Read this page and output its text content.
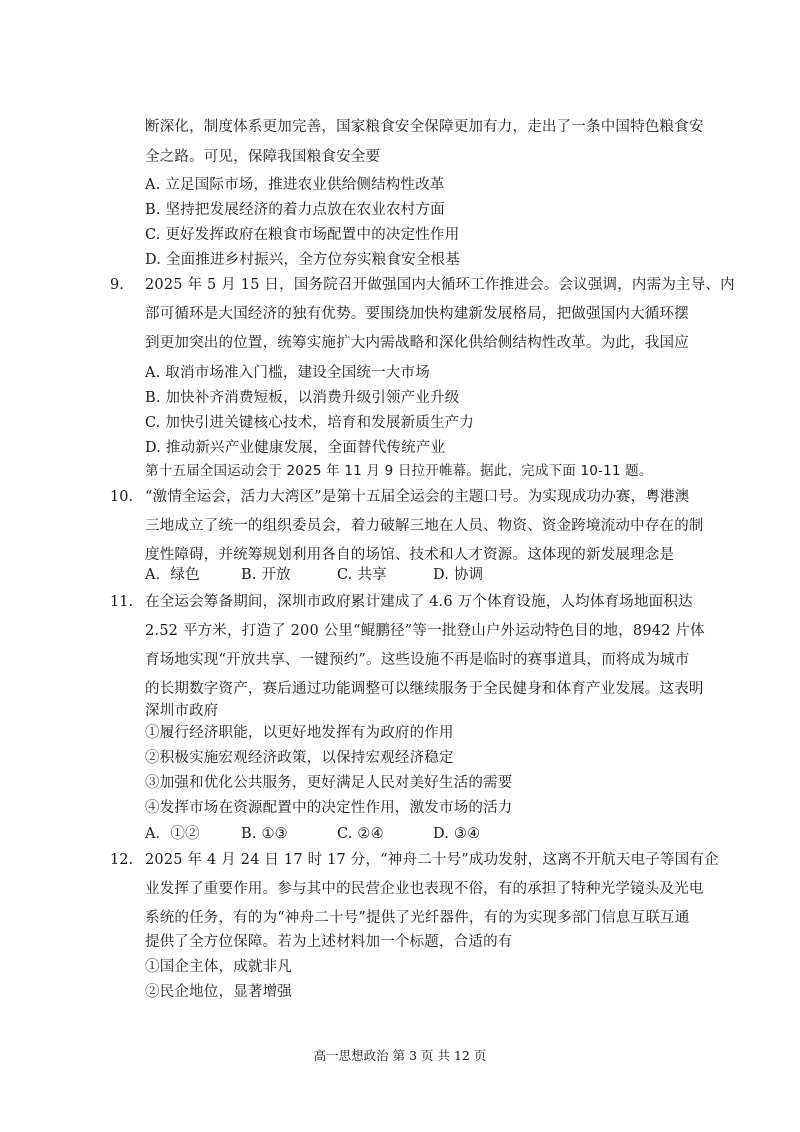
断深化，制度体系更加完善，国家粮食安全保障更加有力，走出了一条中国特色粮食安
全之路。可见，保障我国粮食安全要
A. 立足国际市场，推进农业供给侧结构性改革
B. 坚持把发展经济的着力点放在农业农村方面
C. 更好发挥政府在粮食市场配置中的决定性作用
D. 全面推进乡村振兴，全方位夯实粮食安全根基
9. 2025 年 5 月 15 日，国务院召开做强国内大循环工作推进会。会议强调，内需为主导、内
部可循环是大国经济的独有优势。要围绕加快构建新发展格局，把做强国内大循环摆
到更加突出的位置，统筹实施扩大内需战略和深化供给侧结构性改革。为此，我国应
A. 取消市场准入门槛，建设全国统一大市场
B. 加快补齐消费短板，以消费升级引领产业升级
C. 加快引进关键核心技术，培育和发展新质生产力
D. 推动新兴产业健康发展，全面替代传统产业
第十五届全国运动会于 2025 年 11 月 9 日拉开帷幕。据此，完成下面 10-11 题。
10. “激情全运会，活力大湾区”是第十五届全运会的主题口号。为实现成功办赛，粤港澳
三地成立了统一的组织委员会，着力破解三地在人员、物资、资金跨境流动中存在的制
度性障碍，并统筹规划利用各自的场馆、技术和人才资源。这体现的新发展理念是
A．绿色	B. 开放	C. 共享	D. 协调
11. 在全运会筹备期间，深圳市政府累计建成了 4.6 万个体育设施，人均体育场地面积达
2.52 平方米，打造了 200 公里“鲲鹏径”等一批登山户外运动特色目的地，8942 片体
育场地实现“开放共享、一键预约”。这些设施不再是临时的赛事道具，而将成为城市
的长期数字资产，赛后通过功能调整可以继续服务于全民健身和体育产业发展。这表明
深圳市政府
①履行经济职能，以更好地发挥有为政府的作用
②积极实施宏观经济政策，以保持宏观经济稳定
③加强和优化公共服务，更好满足人民对美好生活的需要
④发挥市场在资源配置中的决定性作用，激发市场的活力
A．①②	B. ①③	C. ②④	D. ③④
12. 2025 年 4 月 24 日 17 时 17 分，“神舟二十号”成功发射，这离不开航天电子等国有企
业发挥了重要作用。参与其中的民营企业也表现不俗，有的承担了特种光学镜头及光电
系统的任务，有的为“神舟二十号”提供了光纤器件，有的为实现多部门信息互联互通
提供了全方位保障。若为上述材料加一个标题，合适的有
①国企主体，成就非凡
②民企地位，显著增强
高一思想政治 第 3 页 共 12 页
